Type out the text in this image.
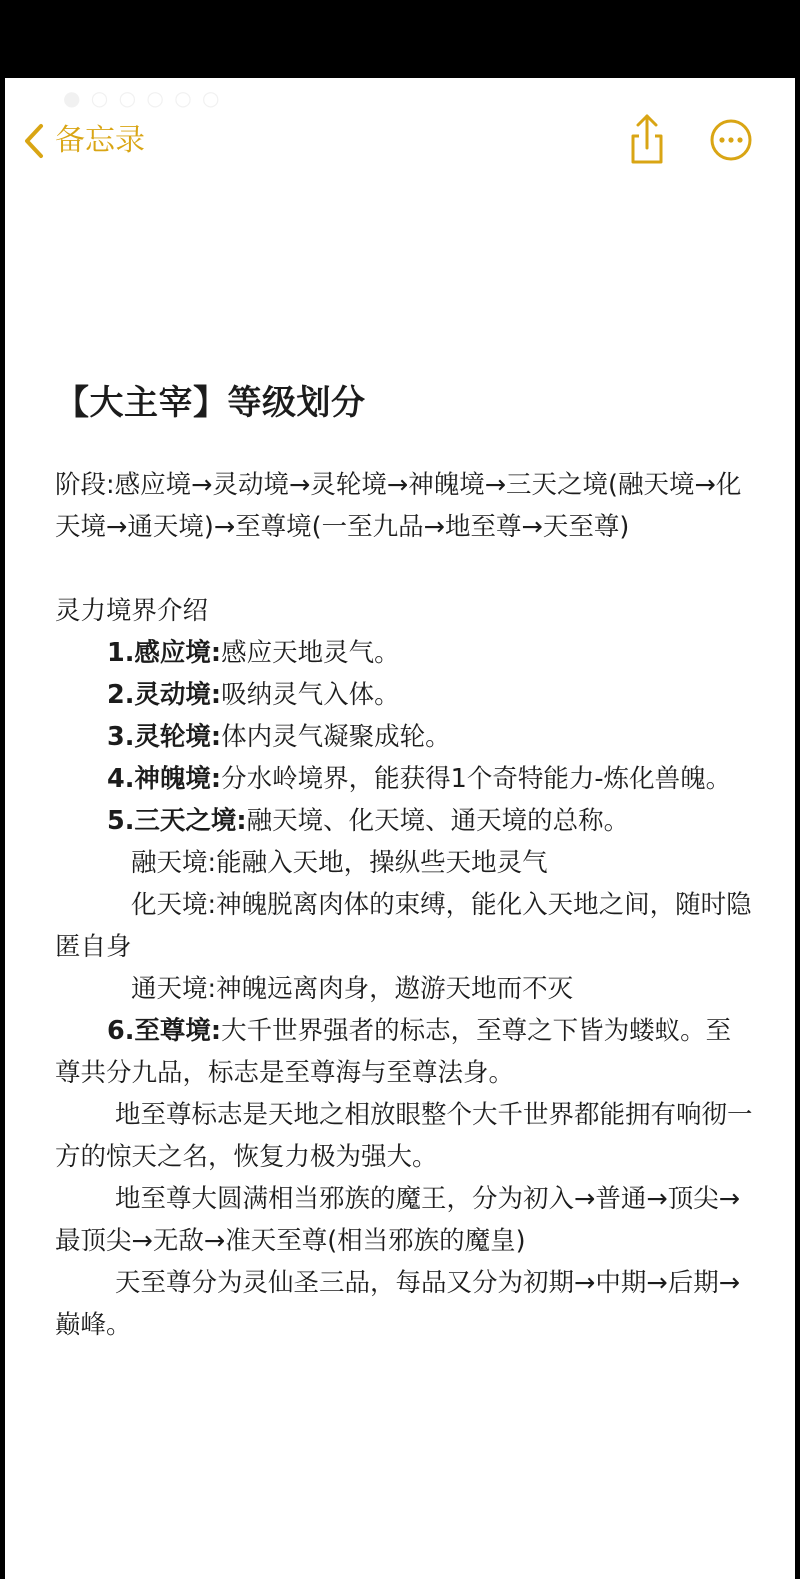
● ○ ○ ○ ○ ○
备忘录
【大主宰】等级划分

阶段:感应境→灵动境→灵轮境→神魄境→三天之境(融天境→化天境→通天境)→至尊境(一至九品→地至尊→天至尊)

灵力境界介绍

1.感应境:感应天地灵气。

2.灵动境:吸纳灵气入体。

3.灵轮境:体内灵气凝聚成轮。

4.神魄境:分水岭境界，能获得1个奇特能力-炼化兽魄。

5.三天之境:融天境、化天境、通天境的总称。

融天境:能融入天地，操纵些天地灵气

化天境:神魄脱离肉体的束缚，能化入天地之间，随时隐匿自身

通天境:神魄远离肉身，遨游天地而不灭

6.至尊境:大千世界强者的标志，至尊之下皆为蝼蚁。至尊共分九品，标志是至尊海与至尊法身。

地至尊标志是天地之相放眼整个大千世界都能拥有响彻一方的惊天之名，恢复力极为强大。

地至尊大圆满相当邪族的魔王，分为初入→普通→顶尖→最顶尖→无敌→准天至尊(相当邪族的魔皇)

天至尊分为灵仙圣三品，每品又分为初期→中期→后期→巅峰。
